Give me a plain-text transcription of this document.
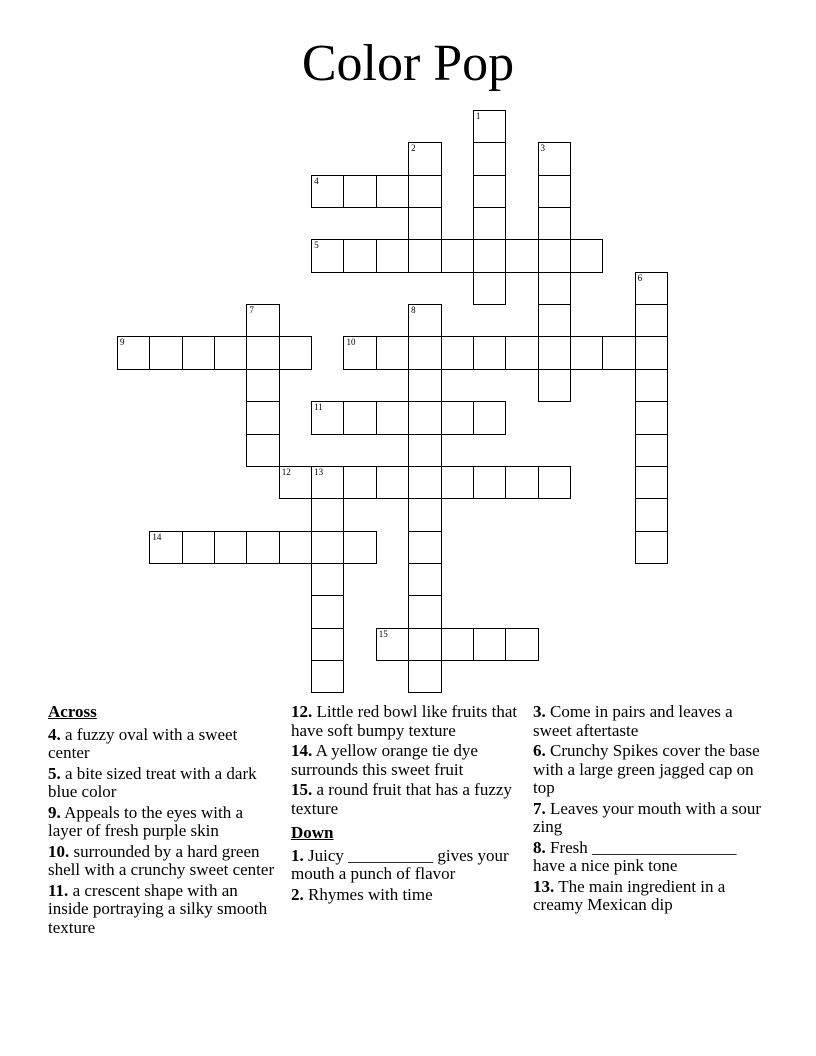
Color Pop
1
2	3
4
5
6
7	8
9	10
11
12	13
14
15
Across
4. a fuzzy oval with a sweet center
5. a bite sized treat with a dark blue color
9. Appeals to the eyes with a layer of fresh purple skin
10. surrounded by a hard green shell with a crunchy sweet center
11. a crescent shape with an inside portraying a silky smooth texture
12. Little red bowl like fruits that have soft bumpy texture
14. A yellow orange tie dye surrounds this sweet fruit
15. a round fruit that has a fuzzy texture
Down
1. Juicy __________ gives your mouth a punch of flavor
2. Rhymes with time
3. Come in pairs and leaves a sweet aftertaste
6. Crunchy Spikes cover the base with a large green jagged cap on top
7. Leaves your mouth with a sour zing
8. Fresh _________________ have a nice pink tone
13. The main ingredient in a creamy Mexican dip
